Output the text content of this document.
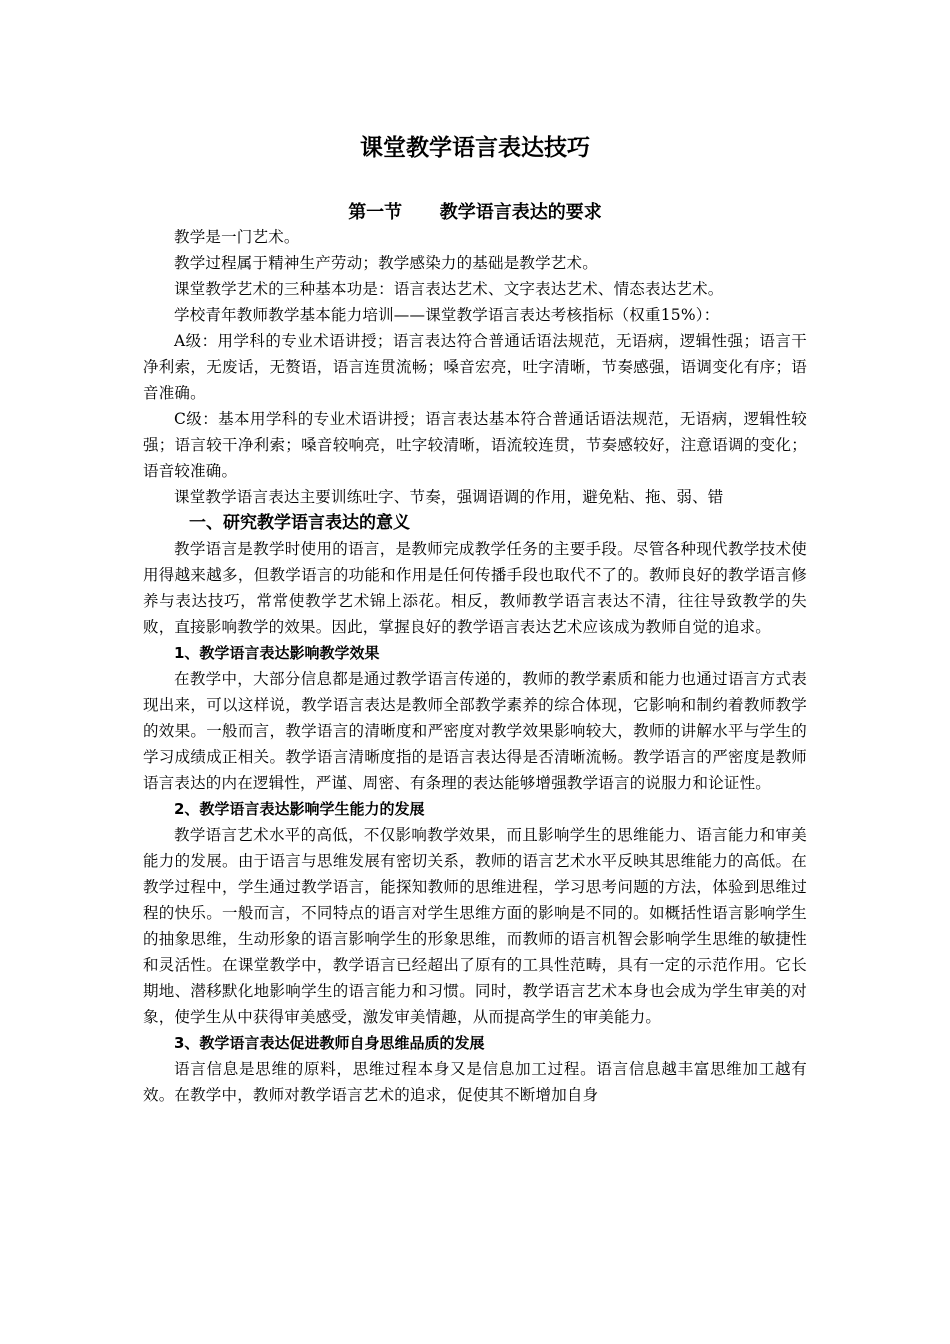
课堂教学语言表达技巧
第一节      教学语言表达的要求

教学是一门艺术。

教学过程属于精神生产劳动；教学感染力的基础是教学艺术。

课堂教学艺术的三种基本功是：语言表达艺术、文字表达艺术、情态表达艺术。

学校青年教师教学基本能力培训——课堂教学语言表达考核指标（权重15%）：

A级：用学科的专业术语讲授；语言表达符合普通话语法规范，无语病，逻辑性强；语言干净利索，无废话，无赘语，语言连贯流畅；嗓音宏亮，吐字清晰，节奏感强，语调变化有序；语音准确。

C级：基本用学科的专业术语讲授；语言表达基本符合普通话语法规范，无语病，逻辑性较强；语言较干净利索；嗓音较响亮，吐字较清晰，语流较连贯，节奏感较好，注意语调的变化；语音较准确。

课堂教学语言表达主要训练吐字、节奏，强调语调的作用，避免粘、拖、弱、错

一、研究教学语言表达的意义

教学语言是教学时使用的语言，是教师完成教学任务的主要手段。尽管各种现代教学技术使用得越来越多，但教学语言的功能和作用是任何传播手段也取代不了的。教师良好的教学语言修养与表达技巧，常常使教学艺术锦上添花。相反，教师教学语言表达不清，往往导致教学的失败，直接影响教学的效果。因此，掌握良好的教学语言表达艺术应该成为教师自觉的追求。

1、教学语言表达影响教学效果

在教学中，大部分信息都是通过教学语言传递的，教师的教学素质和能力也通过语言方式表现出来，可以这样说，教学语言表达是教师全部教学素养的综合体现，它影响和制约着教师教学的效果。一般而言，教学语言的清晰度和严密度对教学效果影响较大，教师的讲解水平与学生的学习成绩成正相关。教学语言清晰度指的是语言表达得是否清晰流畅。教学语言的严密度是教师语言表达的内在逻辑性，严谨、周密、有条理的表达能够增强教学语言的说服力和论证性。

2、教学语言表达影响学生能力的发展

教学语言艺术水平的高低，不仅影响教学效果，而且影响学生的思维能力、语言能力和审美能力的发展。由于语言与思维发展有密切关系，教师的语言艺术水平反映其思维能力的高低。在教学过程中，学生通过教学语言，能探知教师的思维进程，学习思考问题的方法，体验到思维过程的快乐。一般而言，不同特点的语言对学生思维方面的影响是不同的。如概括性语言影响学生的抽象思维，生动形象的语言影响学生的形象思维，而教师的语言机智会影响学生思维的敏捷性和灵活性。在课堂教学中，教学语言已经超出了原有的工具性范畴，具有一定的示范作用。它长期地、潜移默化地影响学生的语言能力和习惯。同时，教学语言艺术本身也会成为学生审美的对象，使学生从中获得审美感受，激发审美情趣，从而提高学生的审美能力。

3、教学语言表达促进教师自身思维品质的发展

语言信息是思维的原料，思维过程本身又是信息加工过程。语言信息越丰富思维加工越有效。在教学中，教师对教学语言艺术的追求，促使其不断增加自身
